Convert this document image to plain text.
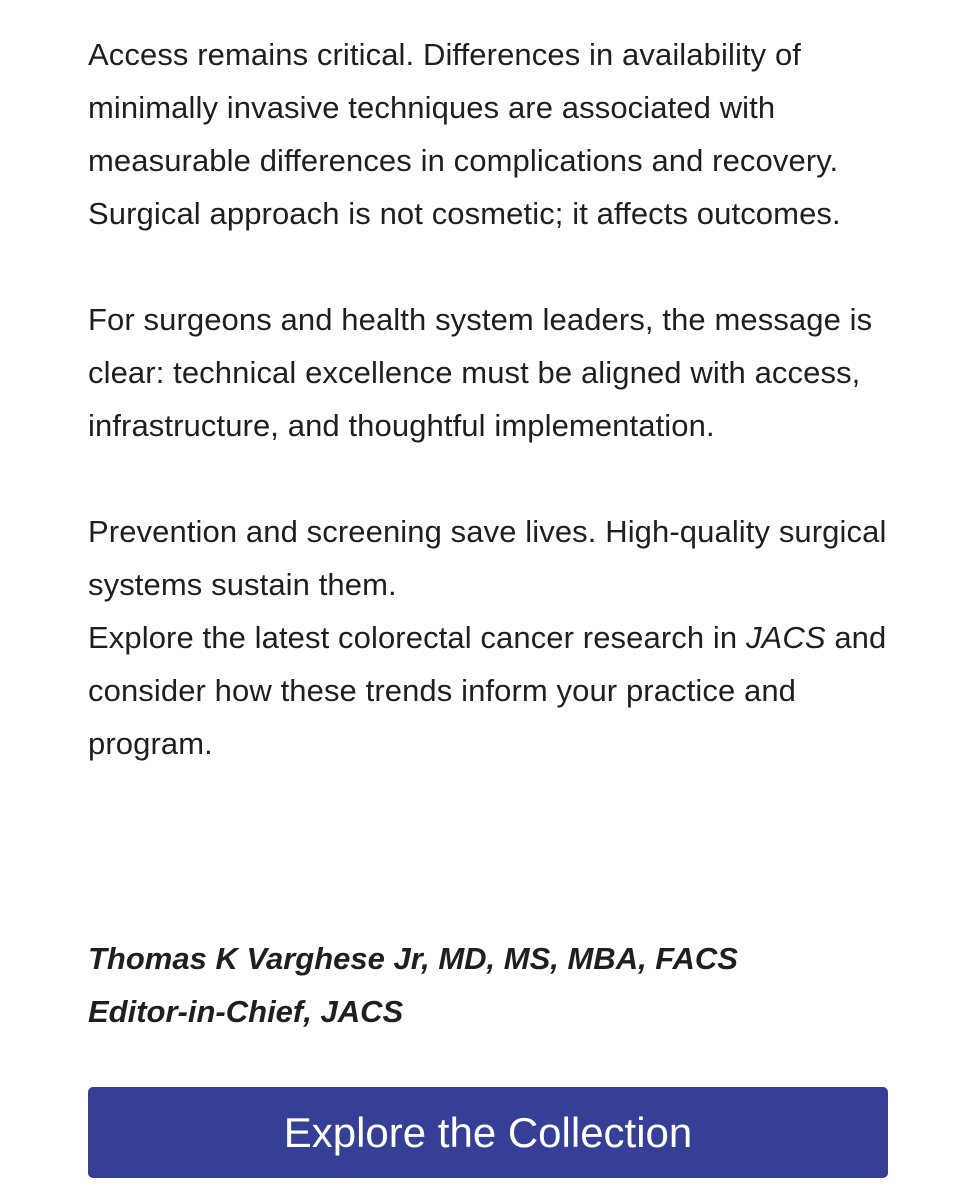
Access remains critical. Differences in availability of minimally invasive techniques are associated with measurable differences in complications and recovery. Surgical approach is not cosmetic; it affects outcomes.

For surgeons and health system leaders, the message is clear: technical excellence must be aligned with access, infrastructure, and thoughtful implementation.

Prevention and screening save lives. High-quality surgical systems sustain them.

Explore the latest colorectal cancer research in JACS and consider how these trends inform your practice and program.

Thomas K Varghese Jr, MD, MS, MBA, FACS
Editor-in-Chief, JACS
Explore the Collection
